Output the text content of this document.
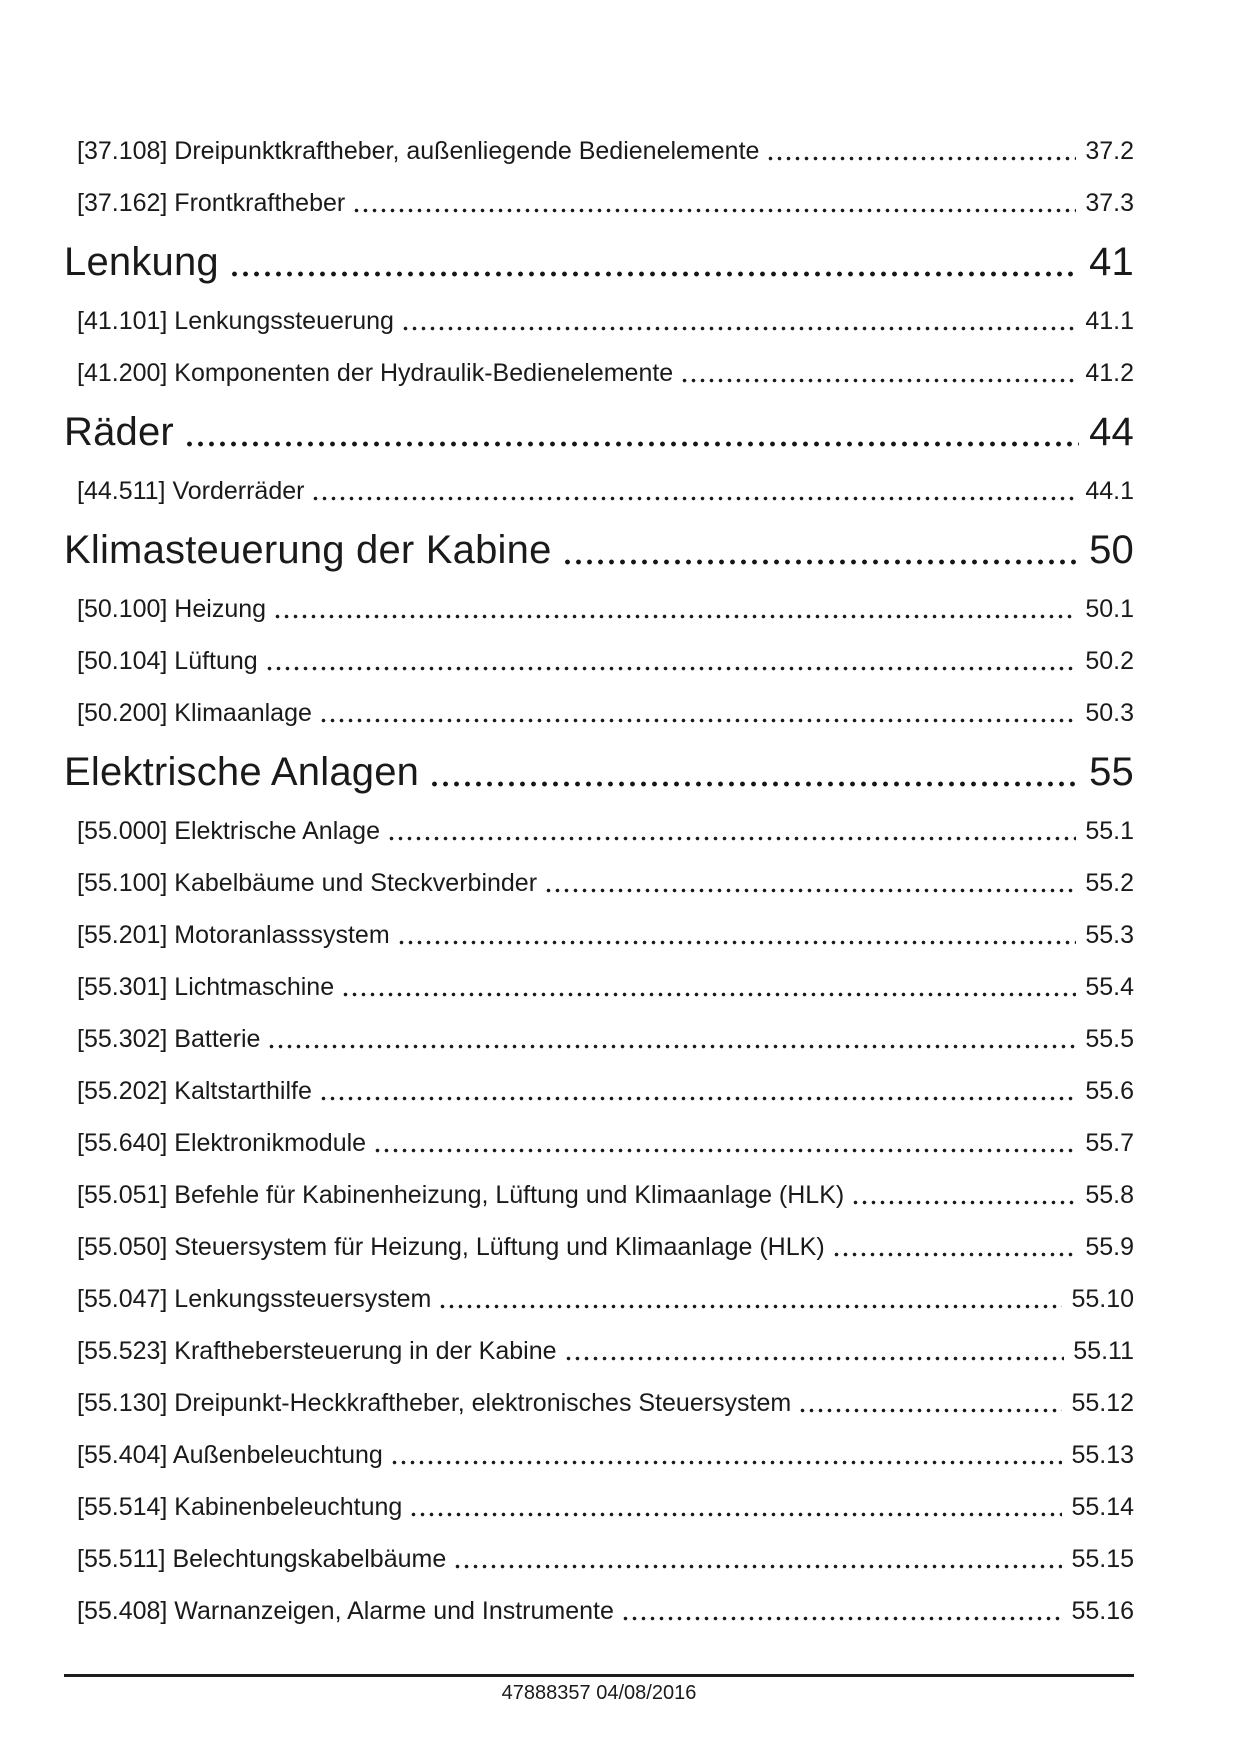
[37.108] Dreipunktkraftheber, außenliegende Bedienelemente	37.2
[37.162] Frontkraftheber	37.3
Lenkung	41
[41.101] Lenkungssteuerung	41.1
[41.200] Komponenten der Hydraulik-Bedienelemente	41.2
Räder	44
[44.511] Vorderräder	44.1
Klimasteuerung der Kabine	50
[50.100] Heizung	50.1
[50.104] Lüftung	50.2
[50.200] Klimaanlage	50.3
Elektrische Anlagen	55
[55.000] Elektrische Anlage	55.1
[55.100] Kabelbäume und Steckverbinder	55.2
[55.201] Motoranlasssystem	55.3
[55.301] Lichtmaschine	55.4
[55.302] Batterie	55.5
[55.202] Kaltstarthilfe	55.6
[55.640] Elektronikmodule	55.7
[55.051] Befehle für Kabinenheizung, Lüftung und Klimaanlage (HLK)	55.8
[55.050] Steuersystem für Heizung, Lüftung und Klimaanlage (HLK)	55.9
[55.047] Lenkungssteuersystem	55.10
[55.523] Krafthebersteuerung in der Kabine	55.11
[55.130] Dreipunkt-Heckkraftheber, elektronisches Steuersystem	55.12
[55.404] Außenbeleuchtung	55.13
[55.514] Kabinenbeleuchtung	55.14
[55.511] Belechtungskabelbäume	55.15
[55.408] Warnanzeigen, Alarme und Instrumente	55.16
47888357 04/08/2016
